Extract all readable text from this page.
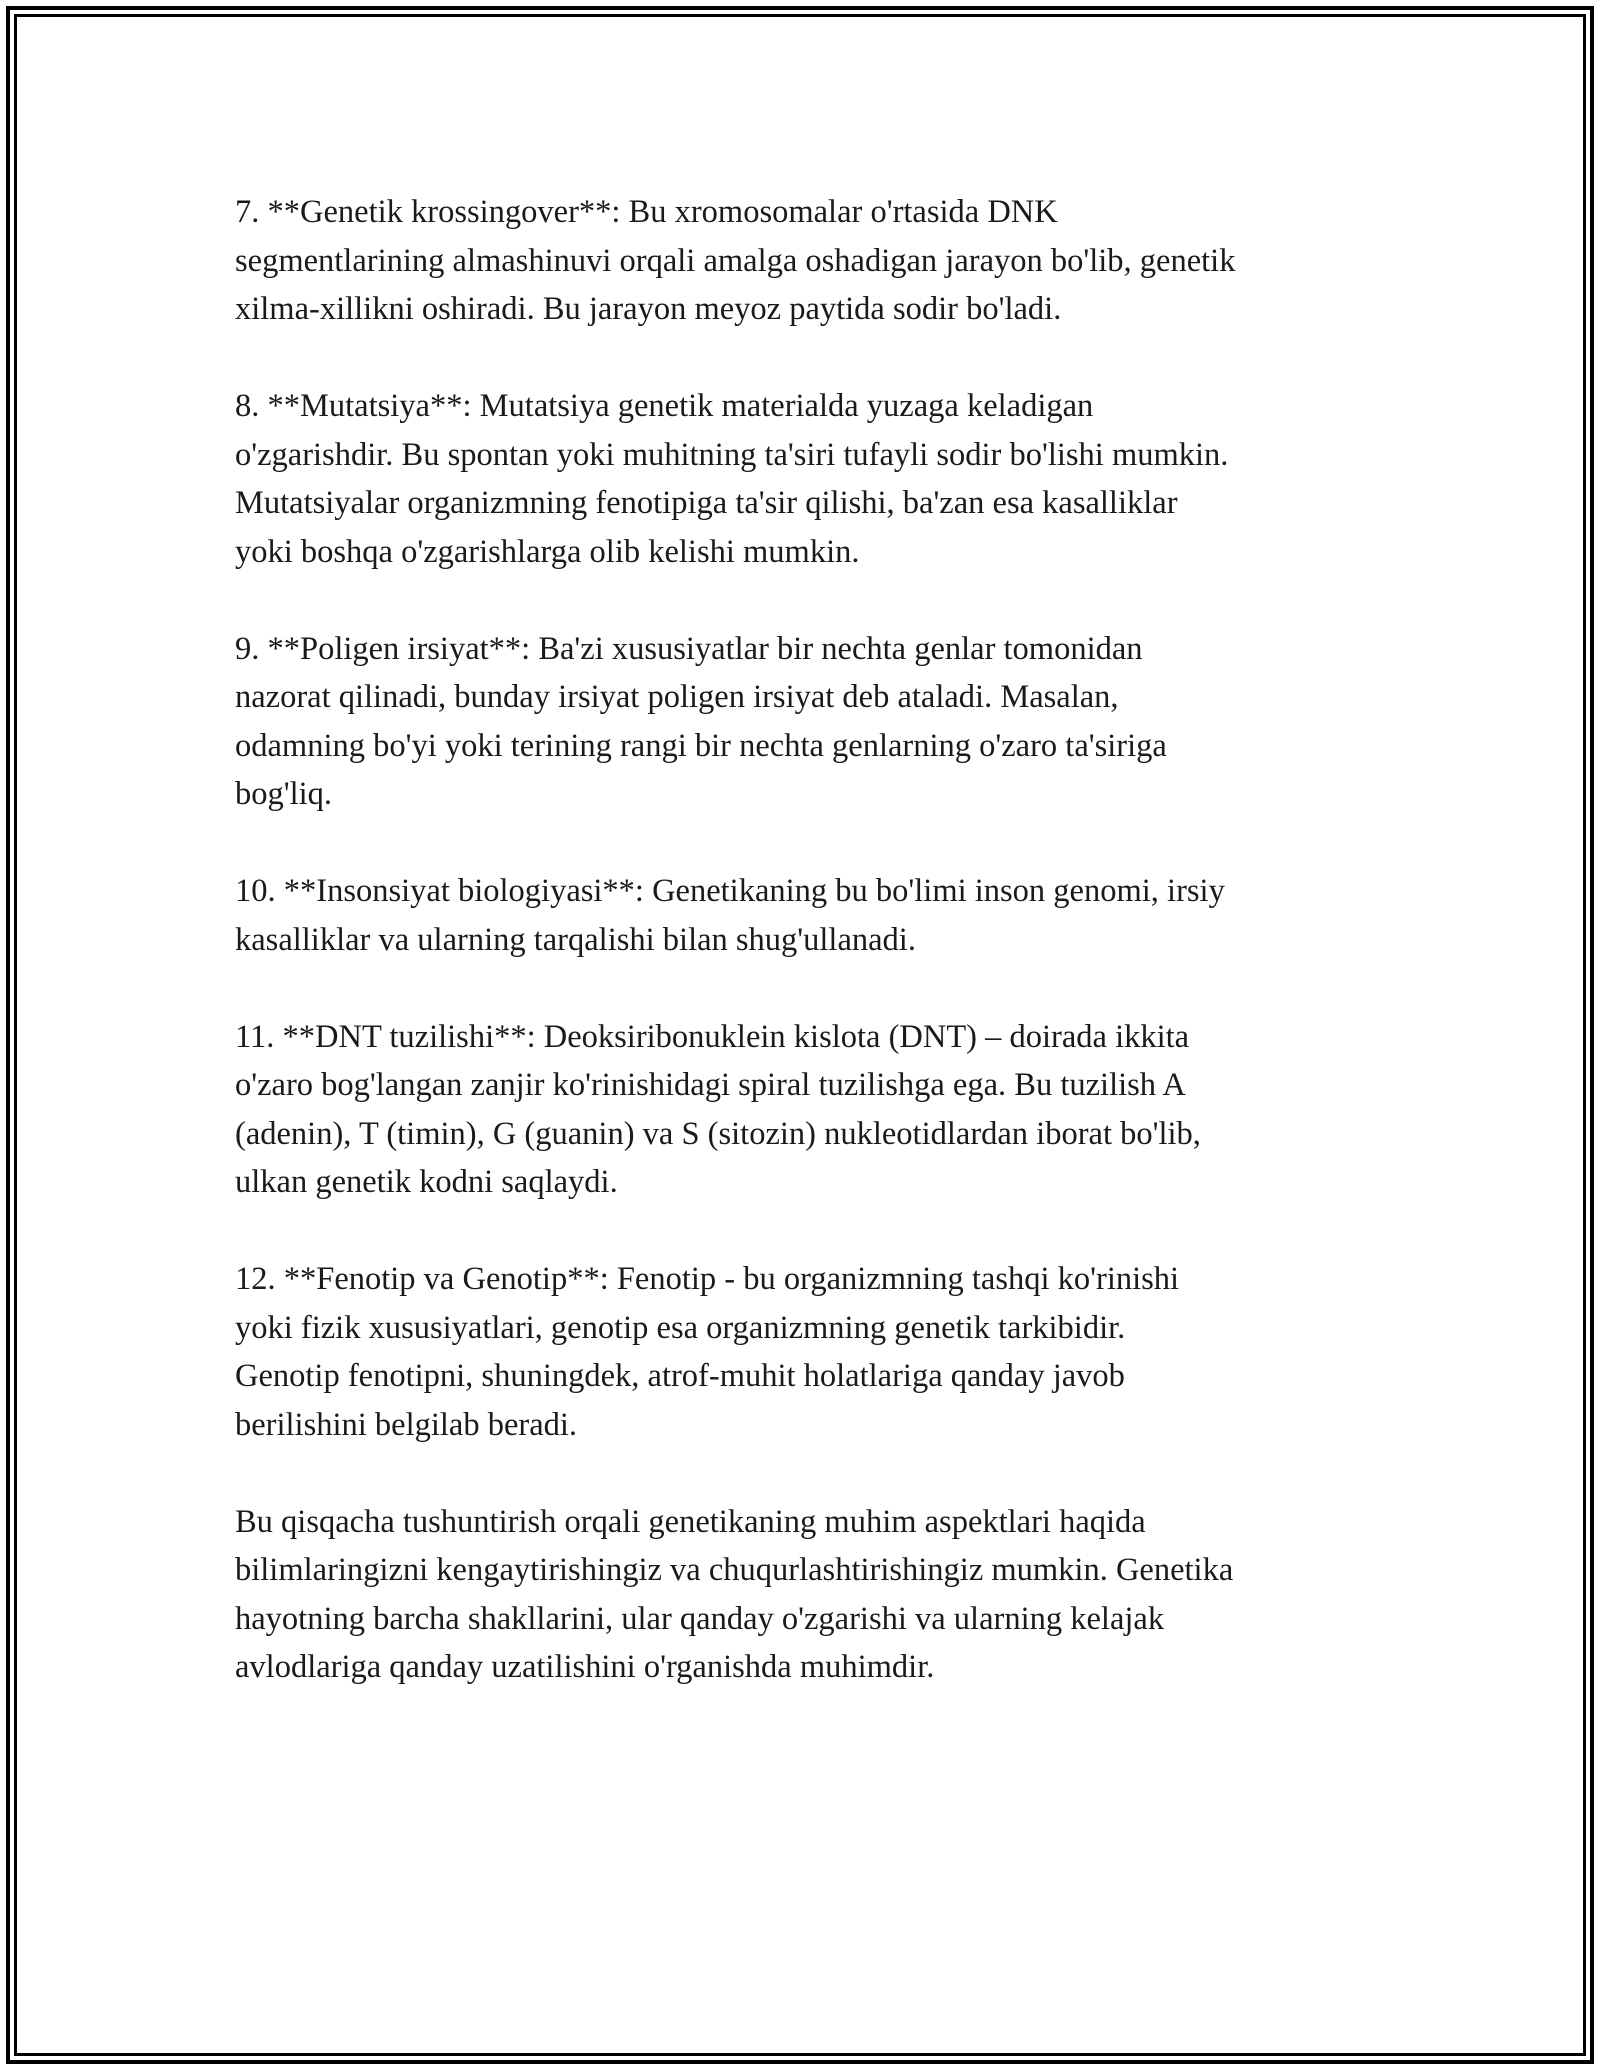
7. **Genetik krossingover**: Bu xromosomalar o'rtasida DNK
segmentlarining almashinuvi orqali amalga oshadigan jarayon bo'lib, genetik
xilma-xillikni oshiradi. Bu jarayon meyoz paytida sodir bo'ladi.

8. **Mutatsiya**: Mutatsiya genetik materialda yuzaga keladigan
o'zgarishdir. Bu spontan yoki muhitning ta'siri tufayli sodir bo'lishi mumkin.
Mutatsiyalar organizmning fenotipiga ta'sir qilishi, ba'zan esa kasalliklar
yoki boshqa o'zgarishlarga olib kelishi mumkin.

9. **Poligen irsiyat**: Ba'zi xususiyatlar bir nechta genlar tomonidan
nazorat qilinadi, bunday irsiyat poligen irsiyat deb ataladi. Masalan,
odamning bo'yi yoki terining rangi bir nechta genlarning o'zaro ta'siriga
bog'liq.

10. **Insonsiyat biologiyasi**: Genetikaning bu bo'limi inson genomi, irsiy
kasalliklar va ularning tarqalishi bilan shug'ullanadi.

11. **DNT tuzilishi**: Deoksiribonuklein kislota (DNT) – doirada ikkita
o'zaro bog'langan zanjir ko'rinishidagi spiral tuzilishga ega. Bu tuzilish A
(adenin), T (timin), G (guanin) va S (sitozin) nukleotidlardan iborat bo'lib,
ulkan genetik kodni saqlaydi.

12. **Fenotip va Genotip**: Fenotip - bu organizmning tashqi ko'rinishi
yoki fizik xususiyatlari, genotip esa organizmning genetik tarkibidir.
Genotip fenotipni, shuningdek, atrof-muhit holatlariga qanday javob
berilishini belgilab beradi.

Bu qisqacha tushuntirish orqali genetikaning muhim aspektlari haqida
bilimlaringizni kengaytirishingiz va chuqurlashtirishingiz mumkin. Genetika
hayotning barcha shakllarini, ular qanday o'zgarishi va ularning kelajak
avlodlariga qanday uzatilishini o'rganishda muhimdir.
